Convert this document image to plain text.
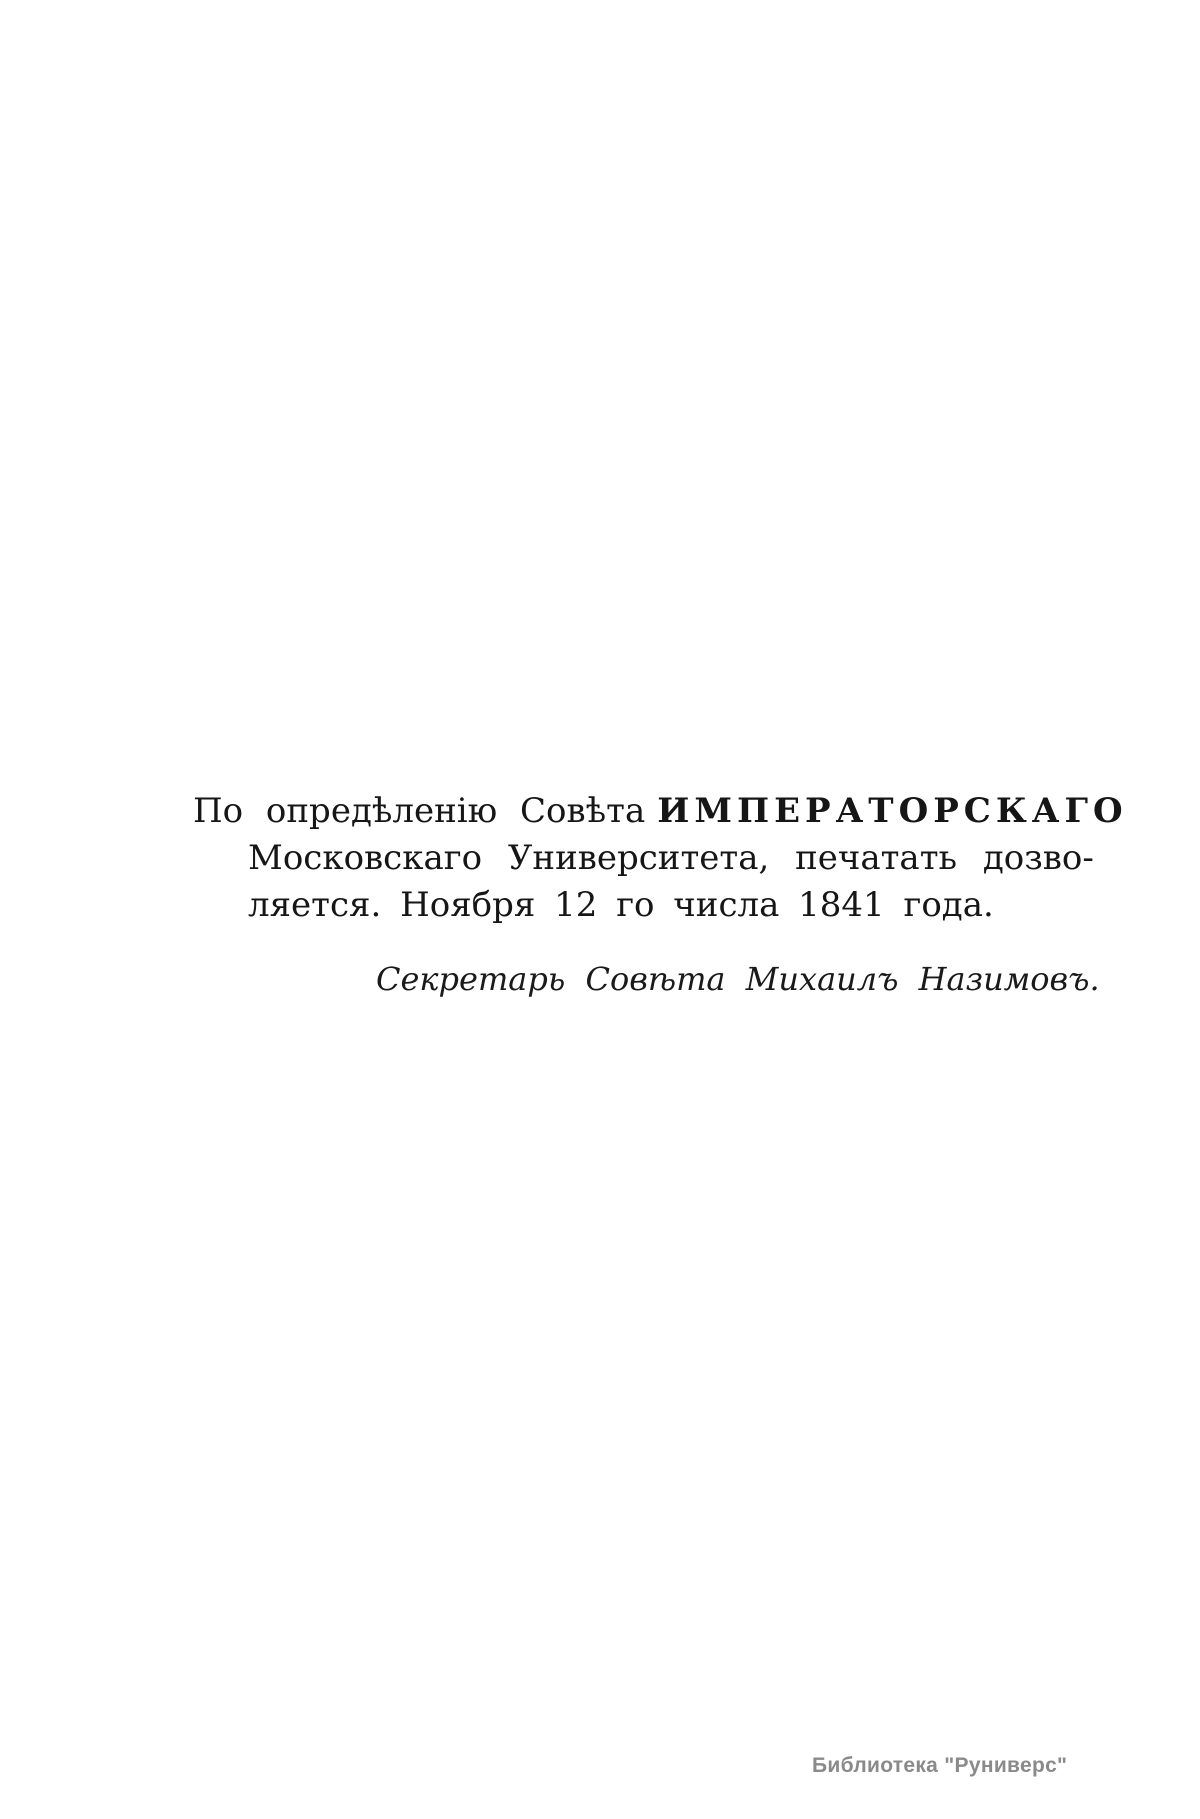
По опредѣленію Совѣта ИМПЕРАТОРСКАГО

Московскаго Университета, печатать дозво-

ляется. Ноября 12 го числа 1841 года.

Секретарь Совѣта Михаилъ Назимовъ.

Библиотека "Руниверс"
